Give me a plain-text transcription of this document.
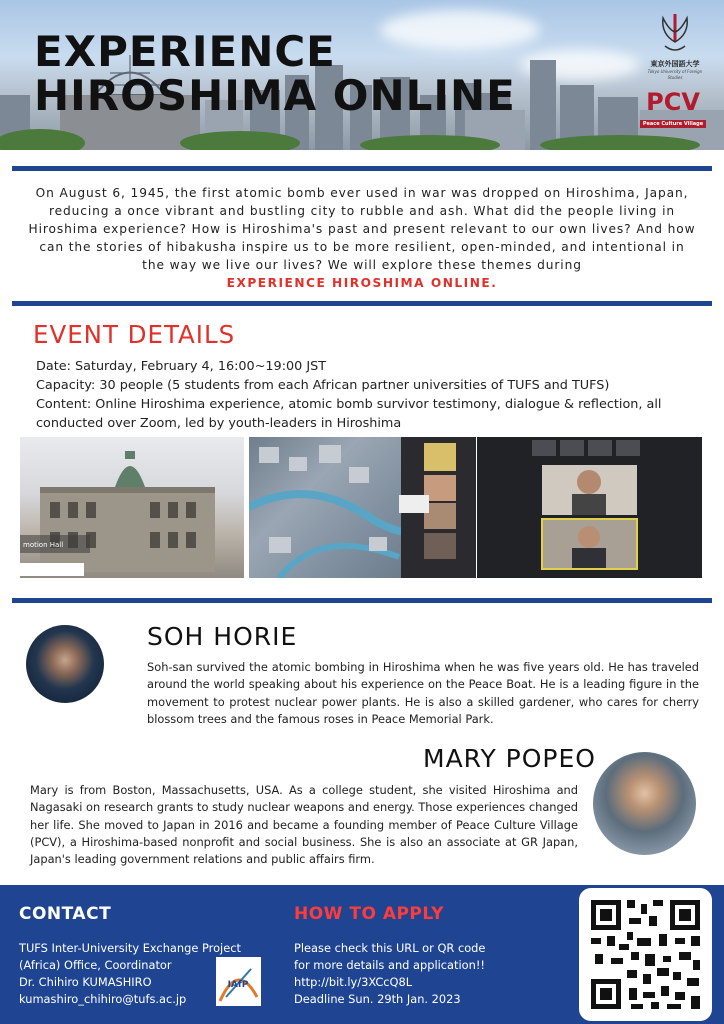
EXPERIENCE
HIROSHIMA ONLINE
東京外国語大学
Tokyo University of Foreign Studies
PCV
Peace Culture Village
On August 6, 1945, the first atomic bomb ever used in war was dropped on Hiroshima, Japan, reducing a once vibrant and bustling city to rubble and ash. What did the people living in Hiroshima experience? How is Hiroshima's past and present relevant to our own lives? And how can the stories of hibakusha inspire us to be more resilient, open-minded, and intentional in the way we live our lives? We will explore these themes during
EXPERIENCE HIROSHIMA ONLINE.
EVENT DETAILS
Date: Saturday, February 4, 16:00~19:00 JST
Capacity: 30 people (5 students from each African partner universities of TUFS and TUFS)
Content: Online Hiroshima experience, atomic bomb survivor testimony, dialogue & reflection, all conducted over Zoom, led by youth-leaders in Hiroshima
motion Hall
SOH HORIE
Soh-san survived the atomic bombing in Hiroshima when he was five years old. He has traveled around the world speaking about his experience on the Peace Boat. He is a leading figure in the movement to protest nuclear power plants. He is also a skilled gardener, who cares for cherry blossom trees and the famous roses in Peace Memorial Park.
MARY POPEO
Mary is from Boston, Massachusetts, USA. As a college student, she visited Hiroshima and Nagasaki on research grants to study nuclear weapons and energy. Those experiences changed her life. She moved to Japan in 2016 and became a founding member of Peace Culture Village (PCV), a Hiroshima-based nonprofit and social business. She is also an associate at GR Japan, Japan's leading government relations and public affairs firm.
CONTACT
TUFS Inter-University Exchange Project
(Africa) Office, Coordinator
Dr. Chihiro KUMASHIRO
kumashiro_chihiro@tufs.ac.jp
IAfP
HOW TO APPLY
Please check this URL or QR code
for more details and application!!
http://bit.ly/3XCcQ8L
Deadline Sun. 29th Jan. 2023
